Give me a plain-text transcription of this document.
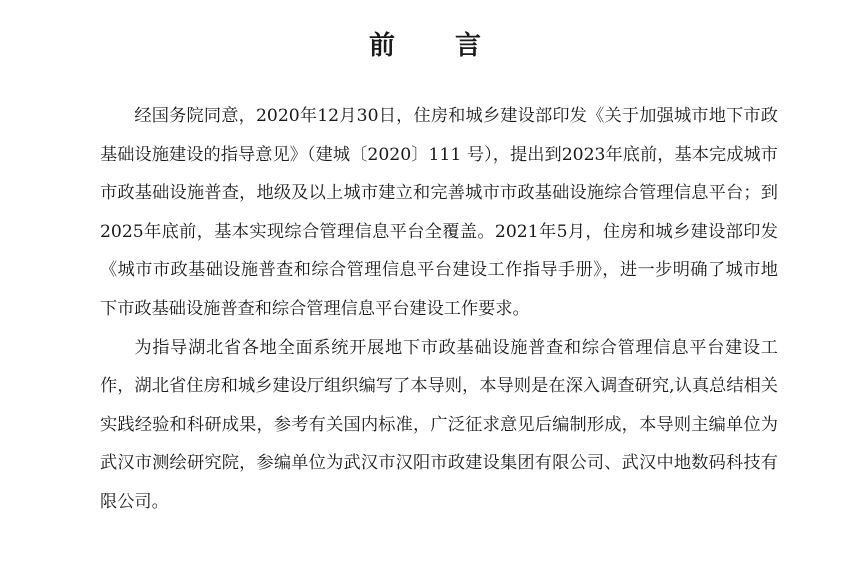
前 言

经国务院同意，2020年12月30日，住房和城乡建设部印发《关于加强城市地下市政基础设施建设的指导意见》（建城〔2020〕111 号），提出到2023年底前，基本完成城市市政基础设施普查，地级及以上城市建立和完善城市市政基础设施综合管理信息平台；到2025年底前，基本实现综合管理信息平台全覆盖。2021年5月，住房和城乡建设部印发《城市市政基础设施普查和综合管理信息平台建设工作指导手册》，进一步明确了城市地下市政基础设施普查和综合管理信息平台建设工作要求。

为指导湖北省各地全面系统开展地下市政基础设施普查和综合管理信息平台建设工作，湖北省住房和城乡建设厅组织编写了本导则，本导则是在深入调查研究,认真总结相关实践经验和科研成果，参考有关国内标准，广泛征求意见后编制形成，本导则主编单位为武汉市测绘研究院，参编单位为武汉市汉阳市政建设集团有限公司、武汉中地数码科技有限公司。
